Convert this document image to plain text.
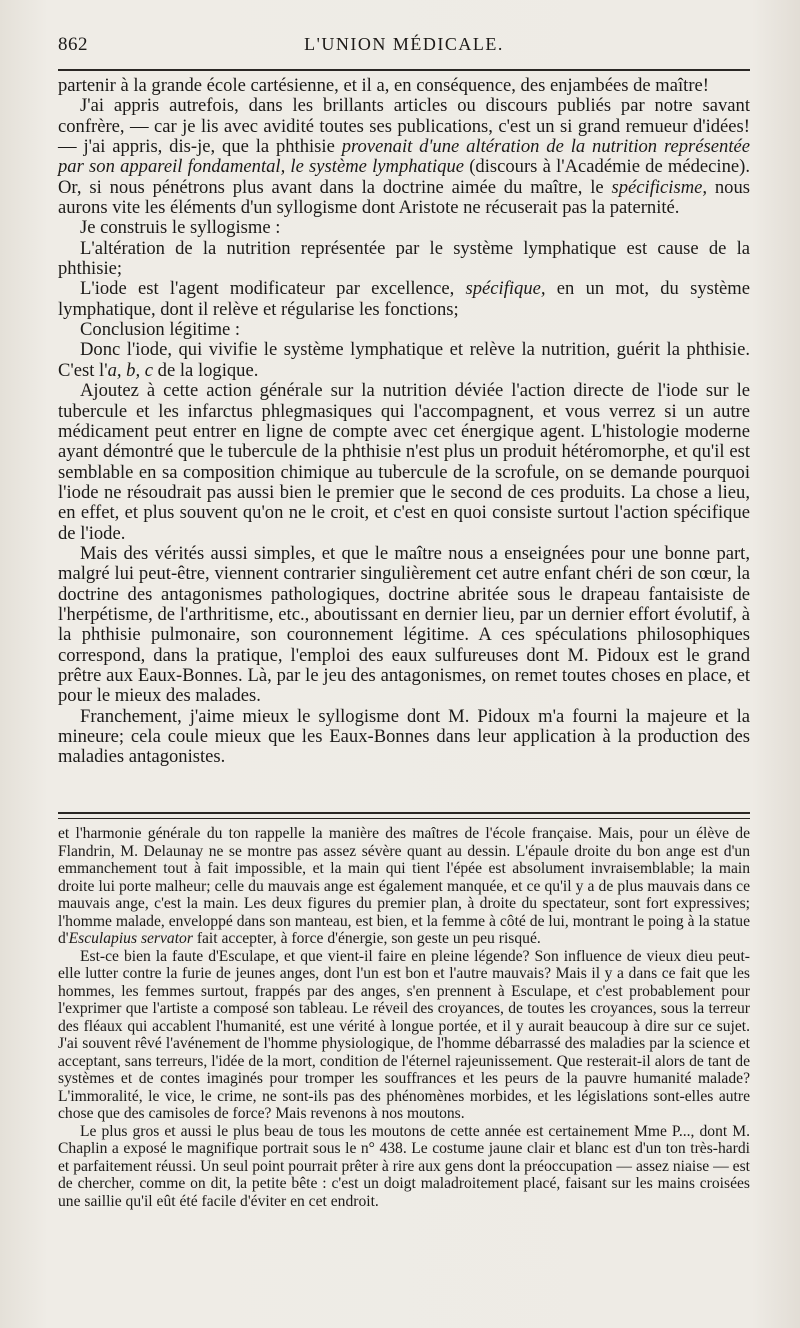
862	L'UNION MÉDICALE.

partenir à la grande école cartésienne, et il a, en conséquence, des enjambées de maître!

J'ai appris autrefois, dans les brillants articles ou discours publiés par notre savant confrère, — car je lis avec avidité toutes ses publications, c'est un si grand remueur d'idées! — j'ai appris, dis-je, que la phthisie provenait d'une altération de la nutrition représentée par son appareil fondamental, le système lymphatique (discours à l'Académie de médecine). Or, si nous pénétrons plus avant dans la doctrine aimée du maître, le spécificisme, nous aurons vite les éléments d'un syllogisme dont Aristote ne récuserait pas la paternité.

Je construis le syllogisme :

L'altération de la nutrition représentée par le système lymphatique est cause de la phthisie;

L'iode est l'agent modificateur par excellence, spécifique, en un mot, du système lymphatique, dont il relève et régularise les fonctions;

Conclusion légitime :

Donc l'iode, qui vivifie le système lymphatique et relève la nutrition, guérit la phthisie. C'est l'a, b, c de la logique.

Ajoutez à cette action générale sur la nutrition déviée l'action directe de l'iode sur le tubercule et les infarctus phlegmasiques qui l'accompagnent, et vous verrez si un autre médicament peut entrer en ligne de compte avec cet énergique agent. L'histologie moderne ayant démontré que le tubercule de la phthisie n'est plus un produit hétéromorphe, et qu'il est semblable en sa composition chimique au tubercule de la scrofule, on se demande pourquoi l'iode ne résoudrait pas aussi bien le premier que le second de ces produits. La chose a lieu, en effet, et plus souvent qu'on ne le croit, et c'est en quoi consiste surtout l'action spécifique de l'iode.

Mais des vérités aussi simples, et que le maître nous a enseignées pour une bonne part, malgré lui peut-être, viennent contrarier singulièrement cet autre enfant chéri de son cœur, la doctrine des antagonismes pathologiques, doctrine abritée sous le drapeau fantaisiste de l'herpétisme, de l'arthritisme, etc., aboutissant en dernier lieu, par un dernier effort évolutif, à la phthisie pulmonaire, son couronnement légitime. A ces spéculations philosophiques correspond, dans la pratique, l'emploi des eaux sulfureuses dont M. Pidoux est le grand prêtre aux Eaux-Bonnes. Là, par le jeu des antagonismes, on remet toutes choses en place, et pour le mieux des malades.

Franchement, j'aime mieux le syllogisme dont M. Pidoux m'a fourni la majeure et la mineure; cela coule mieux que les Eaux-Bonnes dans leur application à la production des maladies antagonistes.

et l'harmonie générale du ton rappelle la manière des maîtres de l'école française. Mais, pour un élève de Flandrin, M. Delaunay ne se montre pas assez sévère quant au dessin. L'épaule droite du bon ange est d'un emmanchement tout à fait impossible, et la main qui tient l'épée est absolument invraisemblable; la main droite lui porte malheur; celle du mauvais ange est également manquée, et ce qu'il y a de plus mauvais dans ce mauvais ange, c'est la main. Les deux figures du premier plan, à droite du spectateur, sont fort expressives; l'homme malade, enveloppé dans son manteau, est bien, et la femme à côté de lui, montrant le poing à la statue d'Esculapius servator fait accepter, à force d'énergie, son geste un peu risqué.

Est-ce bien la faute d'Esculape, et que vient-il faire en pleine légende? Son influence de vieux dieu peut-elle lutter contre la furie de jeunes anges, dont l'un est bon et l'autre mauvais? Mais il y a dans ce fait que les hommes, les femmes surtout, frappés par des anges, s'en prennent à Esculape, et c'est probablement pour l'exprimer que l'artiste a composé son tableau. Le réveil des croyances, de toutes les croyances, sous la terreur des fléaux qui accablent l'humanité, est une vérité à longue portée, et il y aurait beaucoup à dire sur ce sujet. J'ai souvent rêvé l'avénement de l'homme physiologique, de l'homme débarrassé des maladies par la science et acceptant, sans terreurs, l'idée de la mort, condition de l'éternel rajeunissement. Que resterait-il alors de tant de systèmes et de contes imaginés pour tromper les souffrances et les peurs de la pauvre humanité malade? L'immoralité, le vice, le crime, ne sont-ils pas des phénomènes morbides, et les législations sont-elles autre chose que des camisoles de force? Mais revenons à nos moutons.

Le plus gros et aussi le plus beau de tous les moutons de cette année est certainement Mme P..., dont M. Chaplin a exposé le magnifique portrait sous le n° 438. Le costume jaune clair et blanc est d'un ton très-hardi et parfaitement réussi. Un seul point pourrait prêter à rire aux gens dont la préoccupation — assez niaise — est de chercher, comme on dit, la petite bête : c'est un doigt maladroitement placé, faisant sur les mains croisées une saillie qu'il eût été facile d'éviter en cet endroit.
